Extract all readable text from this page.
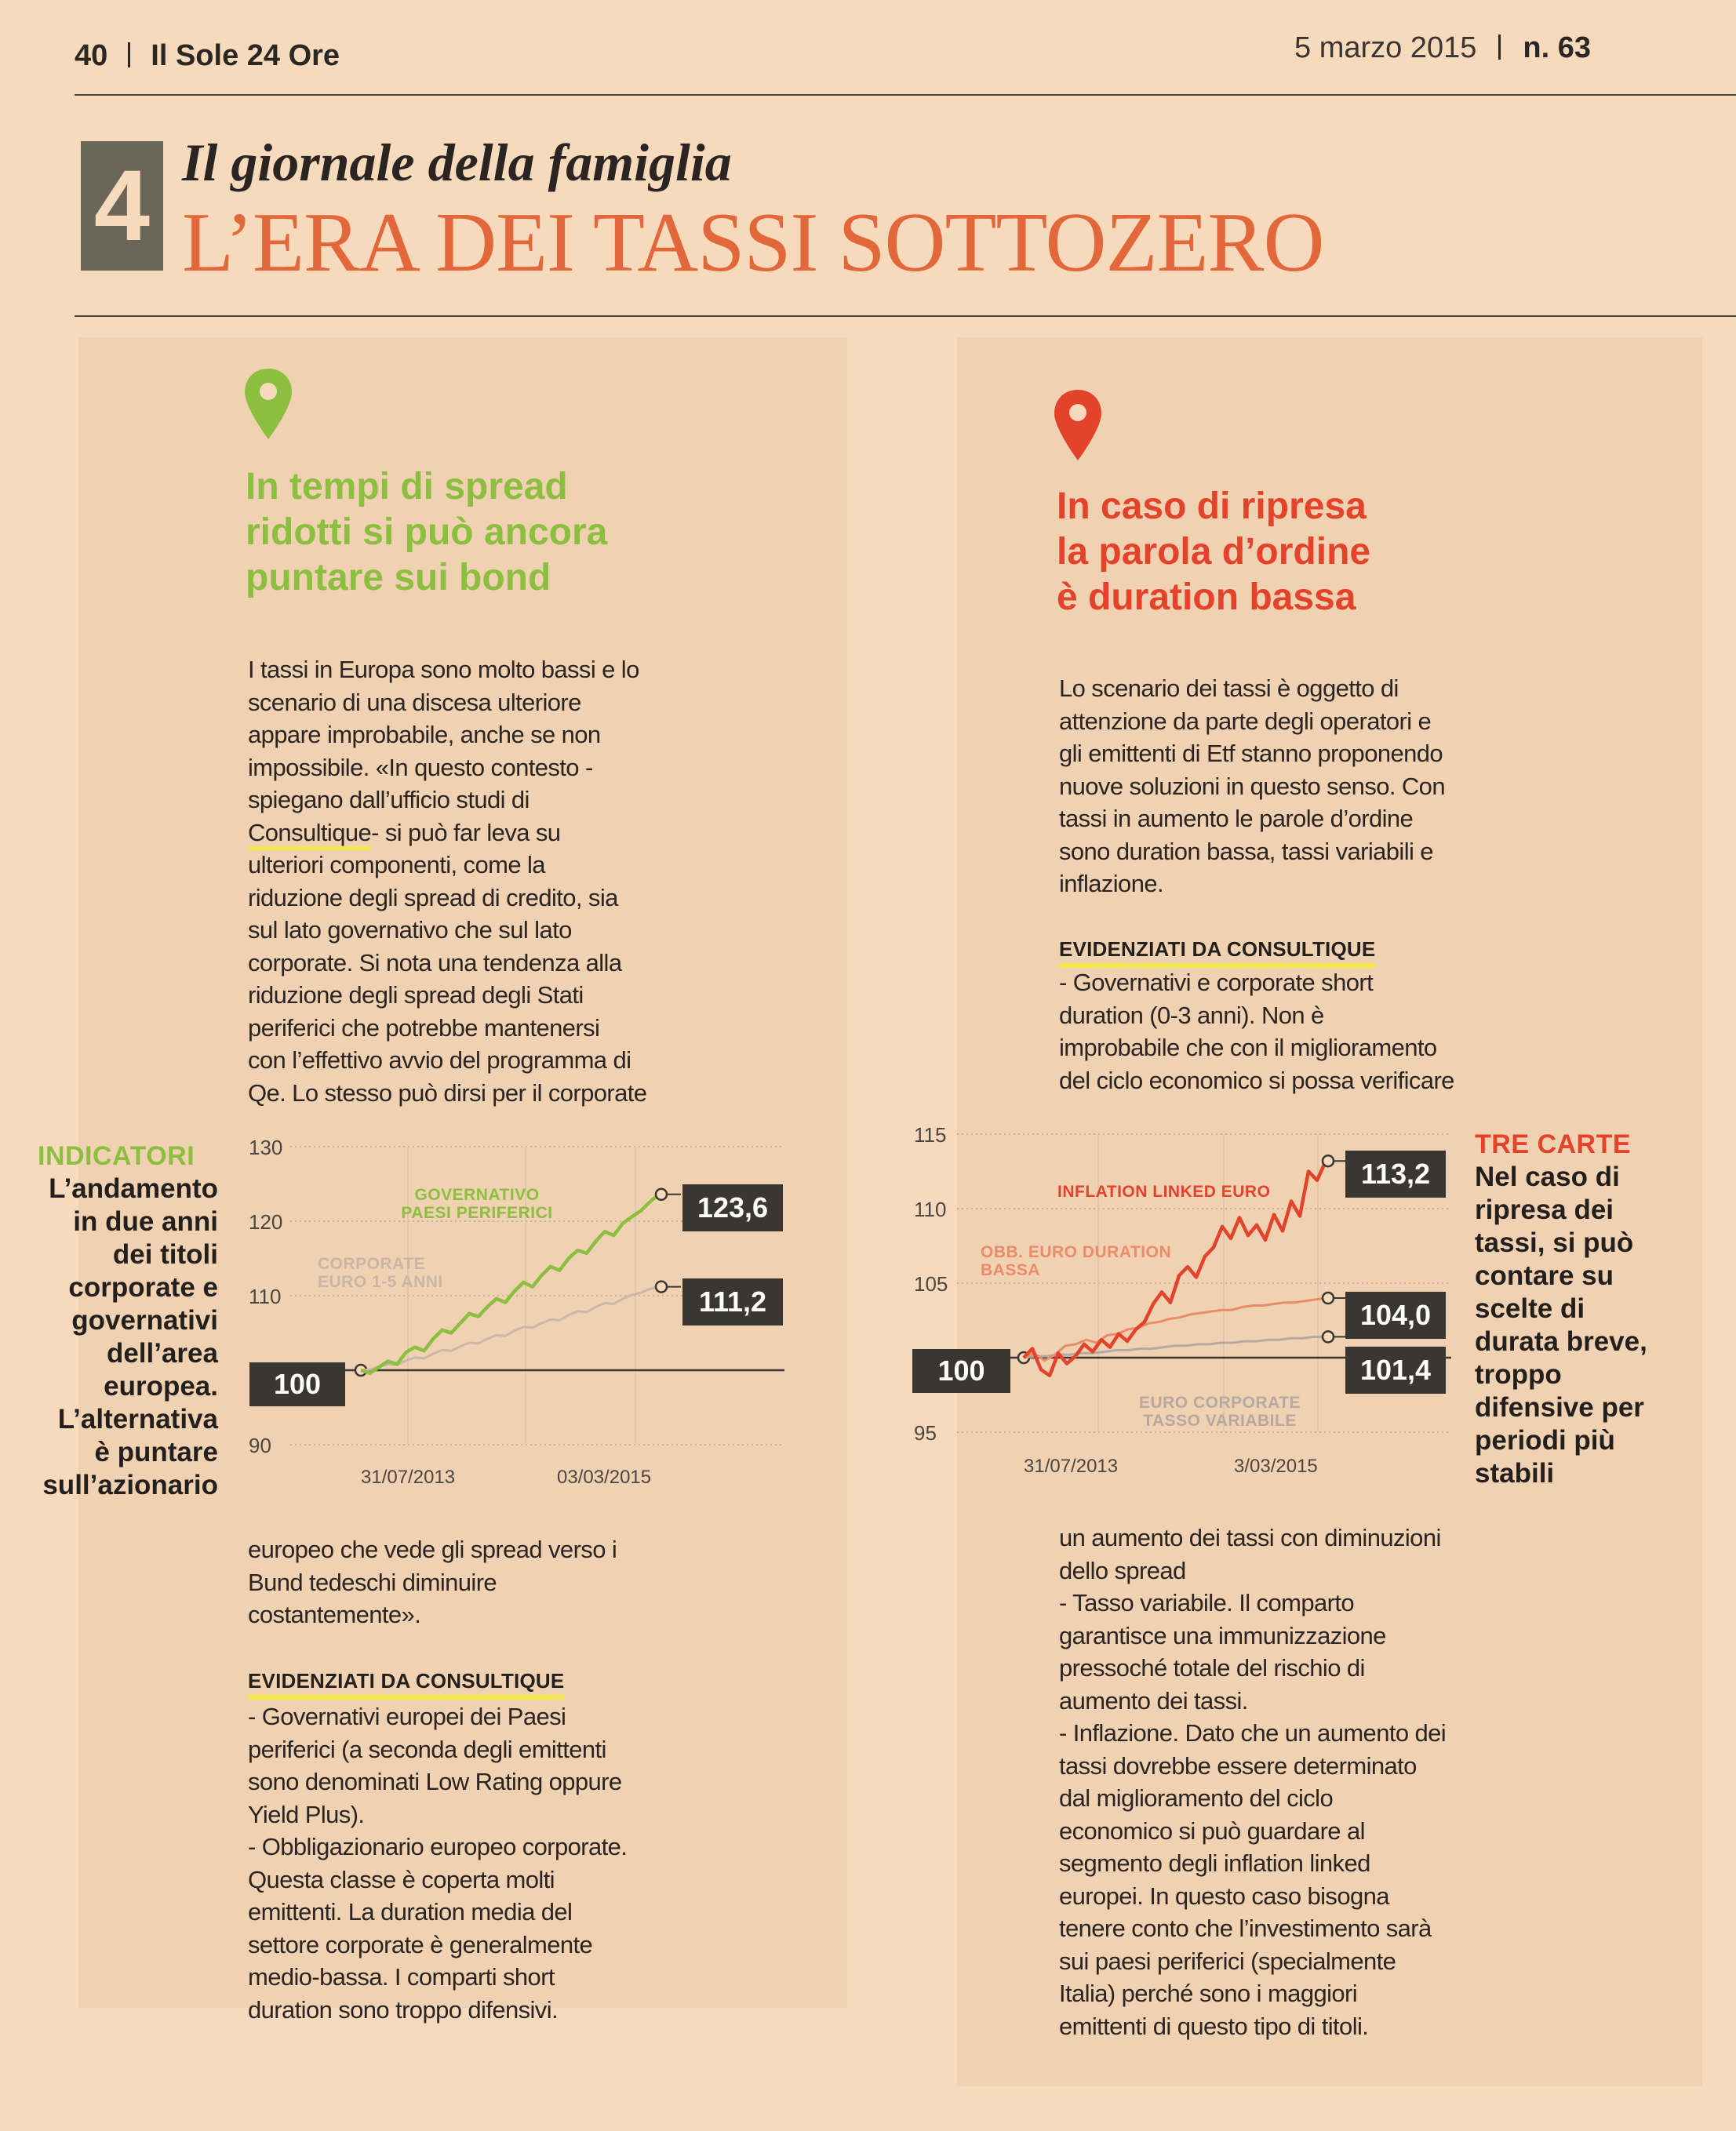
40 Il Sole 24 Ore	5 marzo 2015 n. 63
4 Il giornale della famiglia
L’ERA DEI TASSI SOTTOZERO
In tempi di spread
ridotti si può ancora
puntare sui bond

I tassi in Europa sono molto bassi e lo

scenario di una discesa ulteriore

appare improbabile, anche se non

impossibile. «In questo contesto -

spiegano dall’ufficio studi di

Consultique- si può far leva su

ulteriori componenti, come la

riduzione degli spread di credito, sia

sul lato governativo che sul lato

corporate. Si nota una tendenza alla

riduzione degli spread degli Stati

periferici che potrebbe mantenersi

con l’effettivo avvio del programma di

Qe. Lo stesso può dirsi per il corporate

INDICATORI
L’andamento
in due anni
dei titoli
corporate e
governativi
dell’area
europea.
L’alternativa
è puntare
sull’azionario
130
120
110
90
31/07/2013	03/03/2015
GOVERNATIVO PAESI PERIFERICI
CORPORATE EURO 1-5 ANNI
100
123,6
111,2

europeo che vede gli spread verso i

Bund tedeschi diminuire

costantemente».

EVIDENZIATI DA CONSULTIQUE

- Governativi europei dei Paesi

periferici (a seconda degli emittenti

sono denominati Low Rating oppure

Yield Plus).

- Obbligazionario europeo corporate.

Questa classe è coperta molti

emittenti. La duration media del

settore corporate è generalmente

medio-bassa. I comparti short

duration sono troppo difensivi.

In caso di ripresa
la parola d’ordine
è duration bassa

Lo scenario dei tassi è oggetto di

attenzione da parte degli operatori e

gli emittenti di Etf stanno proponendo

nuove soluzioni in questo senso. Con

tassi in aumento le parole d’ordine

sono duration bassa, tassi variabili e

inflazione.

EVIDENZIATI DA CONSULTIQUE

- Governativi e corporate short

duration (0-3 anni). Non è

improbabile che con il miglioramento

del ciclo economico si possa verificare

115
110
105
95
31/07/2013	3/03/2015
INFLATION LINKED EURO
OBB. EURO DURATION BASSA
EURO CORPORATE TASSO VARIABILE
100
113,2
104,0
101,4
TRE CARTE
Nel caso di
ripresa dei
tassi, si può
contare su
scelte di
durata breve,
troppo
difensive per
periodi più
stabili

un aumento dei tassi con diminuzioni

dello spread

- Tasso variabile. Il comparto

garantisce una immunizzazione

pressoché totale del rischio di

aumento dei tassi.

- Inflazione. Dato che un aumento dei

tassi dovrebbe essere determinato

dal miglioramento del ciclo

economico si può guardare al

segmento degli inflation linked

europei. In questo caso bisogna

tenere conto che l’investimento sarà

sui paesi periferici (specialmente

Italia) perché sono i maggiori

emittenti di questo tipo di titoli.
